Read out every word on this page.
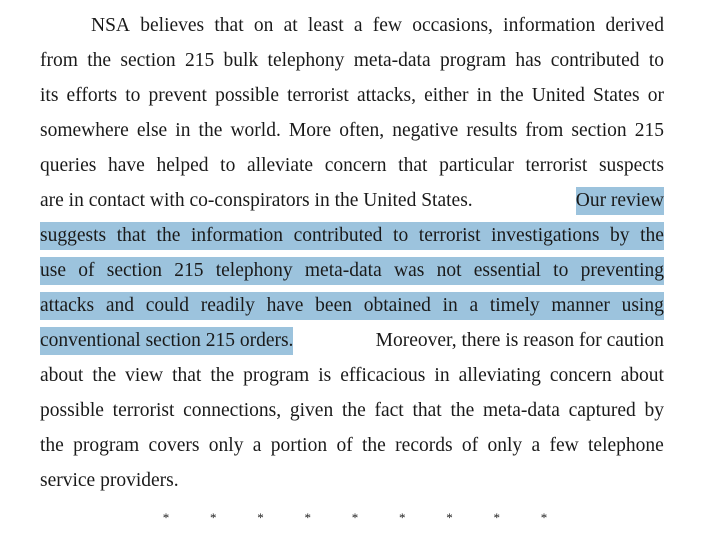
NSA believes that on at least a few occasions, information derived
from the section 215 bulk telephony meta-data program has contributed to
its efforts to prevent possible terrorist attacks, either in the United States or
somewhere else in the world. More often, negative results from section 215
queries have helped to alleviate concern that particular terrorist suspects
are in contact with co-conspirators in the United States.	Our review
suggests that the information contributed to terrorist investigations by the
use of section 215 telephony meta-data was not essential to preventing
attacks and could readily have been obtained in a timely manner using
conventional section 215 orders.	Moreover, there is reason for caution
about the view that the program is efficacious in alleviating concern about
possible terrorist connections, given the fact that the meta-data captured by
the program covers only a portion of the records of only a few telephone
service providers.
*	*	*	*	*	*	*	*	*
